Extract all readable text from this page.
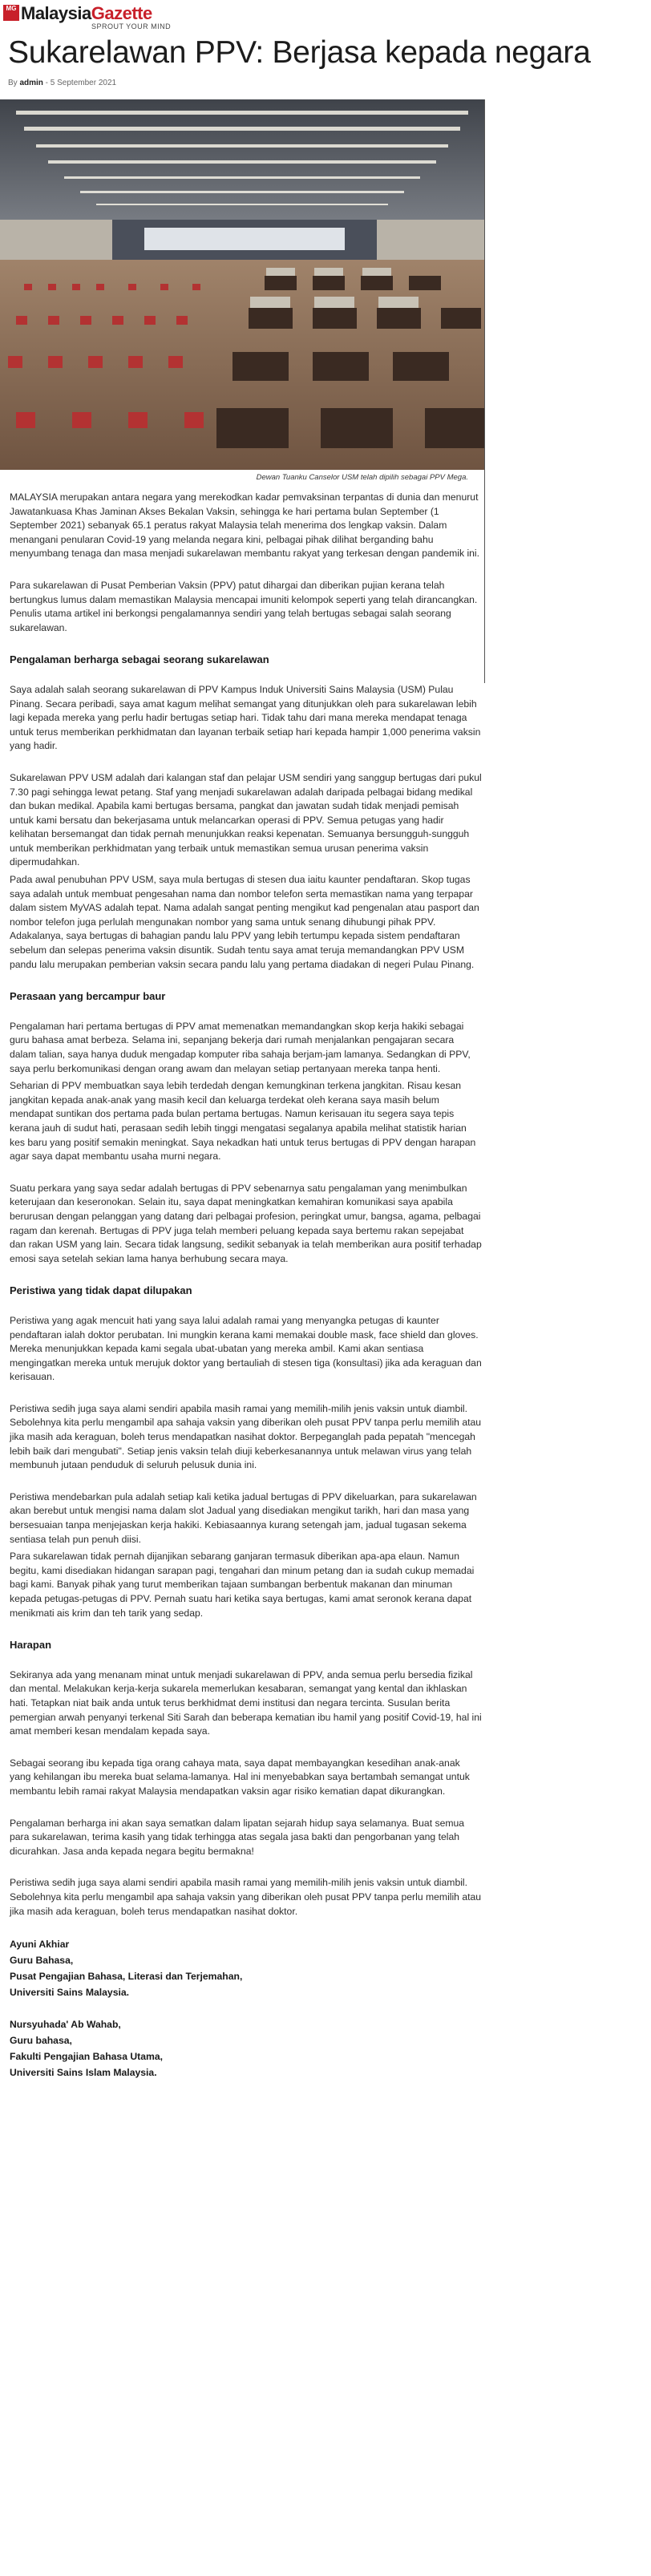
MG MalaysiaGazette
SPROUT YOUR MIND
Sukarelawan PPV: Berjasa kepada negara
By admin - 5 September 2021
Dewan Tuanku Canselor USM telah dipilih sebagai PPV Mega.

MALAYSIA merupakan antara negara yang merekodkan kadar pemvaksinan terpantas di dunia dan menurut Jawatankuasa Khas Jaminan Akses Bekalan Vaksin, sehingga ke hari pertama bulan September (1 September 2021) sebanyak 65.1 peratus rakyat Malaysia telah menerima dos lengkap vaksin. Dalam menangani penularan Covid-19 yang melanda negara kini, pelbagai pihak dilihat berganding bahu menyumbang tenaga dan masa menjadi sukarelawan membantu rakyat yang terkesan dengan pandemik ini.

Para sukarelawan di Pusat Pemberian Vaksin (PPV) patut dihargai dan diberikan pujian kerana telah bertungkus lumus dalam memastikan Malaysia mencapai imuniti kelompok seperti yang telah dirancangkan. Penulis utama artikel ini berkongsi pengalamannya sendiri yang telah bertugas sebagai salah seorang sukarelawan.

Pengalaman berharga sebagai seorang sukarelawan

Saya adalah salah seorang sukarelawan di PPV Kampus Induk Universiti Sains Malaysia (USM) Pulau Pinang. Secara peribadi, saya amat kagum melihat semangat yang ditunjukkan oleh para sukarelawan lebih lagi kepada mereka yang perlu hadir bertugas setiap hari. Tidak tahu dari mana mereka mendapat tenaga untuk terus memberikan perkhidmatan dan layanan terbaik setiap hari kepada hampir 1,000 penerima vaksin yang hadir.

Sukarelawan PPV USM adalah dari kalangan staf dan pelajar USM sendiri yang sanggup bertugas dari pukul 7.30 pagi sehingga lewat petang. Staf yang menjadi sukarelawan adalah daripada pelbagai bidang medikal dan bukan medikal. Apabila kami bertugas bersama, pangkat dan jawatan sudah tidak menjadi pemisah untuk kami bersatu dan bekerjasama untuk melancarkan operasi di PPV. Semua petugas yang hadir kelihatan bersemangat dan tidak pernah menunjukkan reaksi kepenatan. Semuanya bersungguh-sungguh untuk memberikan perkhidmatan yang terbaik untuk memastikan semua urusan penerima vaksin dipermudahkan.

Pada awal penubuhan PPV USM, saya mula bertugas di stesen dua iaitu kaunter pendaftaran. Skop tugas saya adalah untuk membuat pengesahan nama dan nombor telefon serta memastikan nama yang terpapar dalam sistem MyVAS adalah tepat. Nama adalah sangat penting mengikut kad pengenalan atau pasport dan nombor telefon juga perlulah mengunakan nombor yang sama untuk senang dihubungi pihak PPV. Adakalanya, saya bertugas di bahagian pandu lalu PPV yang lebih tertumpu kepada sistem pendaftaran sebelum dan selepas penerima vaksin disuntik. Sudah tentu saya amat teruja memandangkan PPV USM pandu lalu merupakan pemberian vaksin secara pandu lalu yang pertama diadakan di negeri Pulau Pinang.

Perasaan yang bercampur baur

Pengalaman hari pertama bertugas di PPV amat memenatkan memandangkan skop kerja hakiki sebagai guru bahasa amat berbeza. Selama ini, sepanjang bekerja dari rumah menjalankan pengajaran secara dalam talian, saya hanya duduk mengadap komputer riba sahaja berjam-jam lamanya. Sedangkan di PPV, saya perlu berkomunikasi dengan orang awam dan melayan setiap pertanyaan mereka tanpa henti.

Seharian di PPV membuatkan saya lebih terdedah dengan kemungkinan terkena jangkitan. Risau kesan jangkitan kepada anak-anak yang masih kecil dan keluarga terdekat oleh kerana saya masih belum mendapat suntikan dos pertama pada bulan pertama bertugas. Namun kerisauan itu segera saya tepis kerana jauh di sudut hati, perasaan sedih lebih tinggi mengatasi segalanya apabila melihat statistik harian kes baru yang positif semakin meningkat. Saya nekadkan hati untuk terus bertugas di PPV dengan harapan agar saya dapat membantu usaha murni negara.

Suatu perkara yang saya sedar adalah bertugas di PPV sebenarnya satu pengalaman yang menimbulkan keterujaan dan keseronokan. Selain itu, saya dapat meningkatkan kemahiran komunikasi saya apabila berurusan dengan pelanggan yang datang dari pelbagai profesion, peringkat umur, bangsa, agama, pelbagai ragam dan kerenah. Bertugas di PPV juga telah memberi peluang kepada saya bertemu rakan sepejabat dan rakan USM yang lain. Secara tidak langsung, sedikit sebanyak ia telah memberikan aura positif terhadap emosi saya setelah sekian lama hanya berhubung secara maya.

Peristiwa yang tidak dapat dilupakan

Peristiwa yang agak mencuit hati yang saya lalui adalah ramai yang menyangka petugas di kaunter pendaftaran ialah doktor perubatan. Ini mungkin kerana kami memakai double mask, face shield dan gloves. Mereka menunjukkan kepada kami segala ubat-ubatan yang mereka ambil. Kami akan sentiasa mengingatkan mereka untuk merujuk doktor yang bertauliah di stesen tiga (konsultasi) jika ada keraguan dan kerisauan.

Peristiwa sedih juga saya alami sendiri apabila masih ramai yang memilih-milih jenis vaksin untuk diambil. Sebolehnya kita perlu mengambil apa sahaja vaksin yang diberikan oleh pusat PPV tanpa perlu memilih atau jika masih ada keraguan, boleh terus mendapatkan nasihat doktor. Berpeganglah pada pepatah "mencegah lebih baik dari mengubati". Setiap jenis vaksin telah diuji keberkesanannya untuk melawan virus yang telah membunuh jutaan penduduk di seluruh pelusuk dunia ini.

Peristiwa mendebarkan pula adalah setiap kali ketika jadual bertugas di PPV dikeluarkan, para sukarelawan akan berebut untuk mengisi nama dalam slot Jadual yang disediakan mengikut tarikh, hari dan masa yang bersesuaian tanpa menjejaskan kerja hakiki. Kebiasaannya kurang setengah jam, jadual tugasan sekema sentiasa telah pun penuh diisi.

Para sukarelawan tidak pernah dijanjikan sebarang ganjaran termasuk diberikan apa-apa elaun. Namun begitu, kami disediakan hidangan sarapan pagi, tengahari dan minum petang dan ia sudah cukup memadai bagi kami. Banyak pihak yang turut memberikan tajaan sumbangan berbentuk makanan dan minuman kepada petugas-petugas di PPV. Pernah suatu hari ketika saya bertugas, kami amat seronok kerana dapat menikmati ais krim dan teh tarik yang sedap.

Harapan

Sekiranya ada yang menanam minat untuk menjadi sukarelawan di PPV, anda semua perlu bersedia fizikal dan mental. Melakukan kerja-kerja sukarela memerlukan kesabaran, semangat yang kental dan ikhlaskan hati. Tetapkan niat baik anda untuk terus berkhidmat demi institusi dan negara tercinta. Susulan berita pemergian arwah penyanyi terkenal Siti Sarah dan beberapa kematian ibu hamil yang positif Covid-19, hal ini amat memberi kesan mendalam kepada saya.

Sebagai seorang ibu kepada tiga orang cahaya mata, saya dapat membayangkan kesedihan anak-anak yang kehilangan ibu mereka buat selama-lamanya. Hal ini menyebabkan saya bertambah semangat untuk membantu lebih ramai rakyat Malaysia mendapatkan vaksin agar risiko kematian dapat dikurangkan.

Pengalaman berharga ini akan saya sematkan dalam lipatan sejarah hidup saya selamanya. Buat semua para sukarelawan, terima kasih yang tidak terhingga atas segala jasa bakti dan pengorbanan yang telah dicurahkan. Jasa anda kepada negara begitu bermakna!

Peristiwa sedih juga saya alami sendiri apabila masih ramai yang memilih-milih jenis vaksin untuk diambil. Sebolehnya kita perlu mengambil apa sahaja vaksin yang diberikan oleh pusat PPV tanpa perlu memilih atau jika masih ada keraguan, boleh terus mendapatkan nasihat doktor.

Ayuni Akhiar
Guru Bahasa,
Pusat Pengajian Bahasa, Literasi dan Terjemahan,
Universiti Sains Malaysia.
Nursyuhada' Ab Wahab,
Guru bahasa,
Fakulti Pengajian Bahasa Utama,
Universiti Sains Islam Malaysia.
